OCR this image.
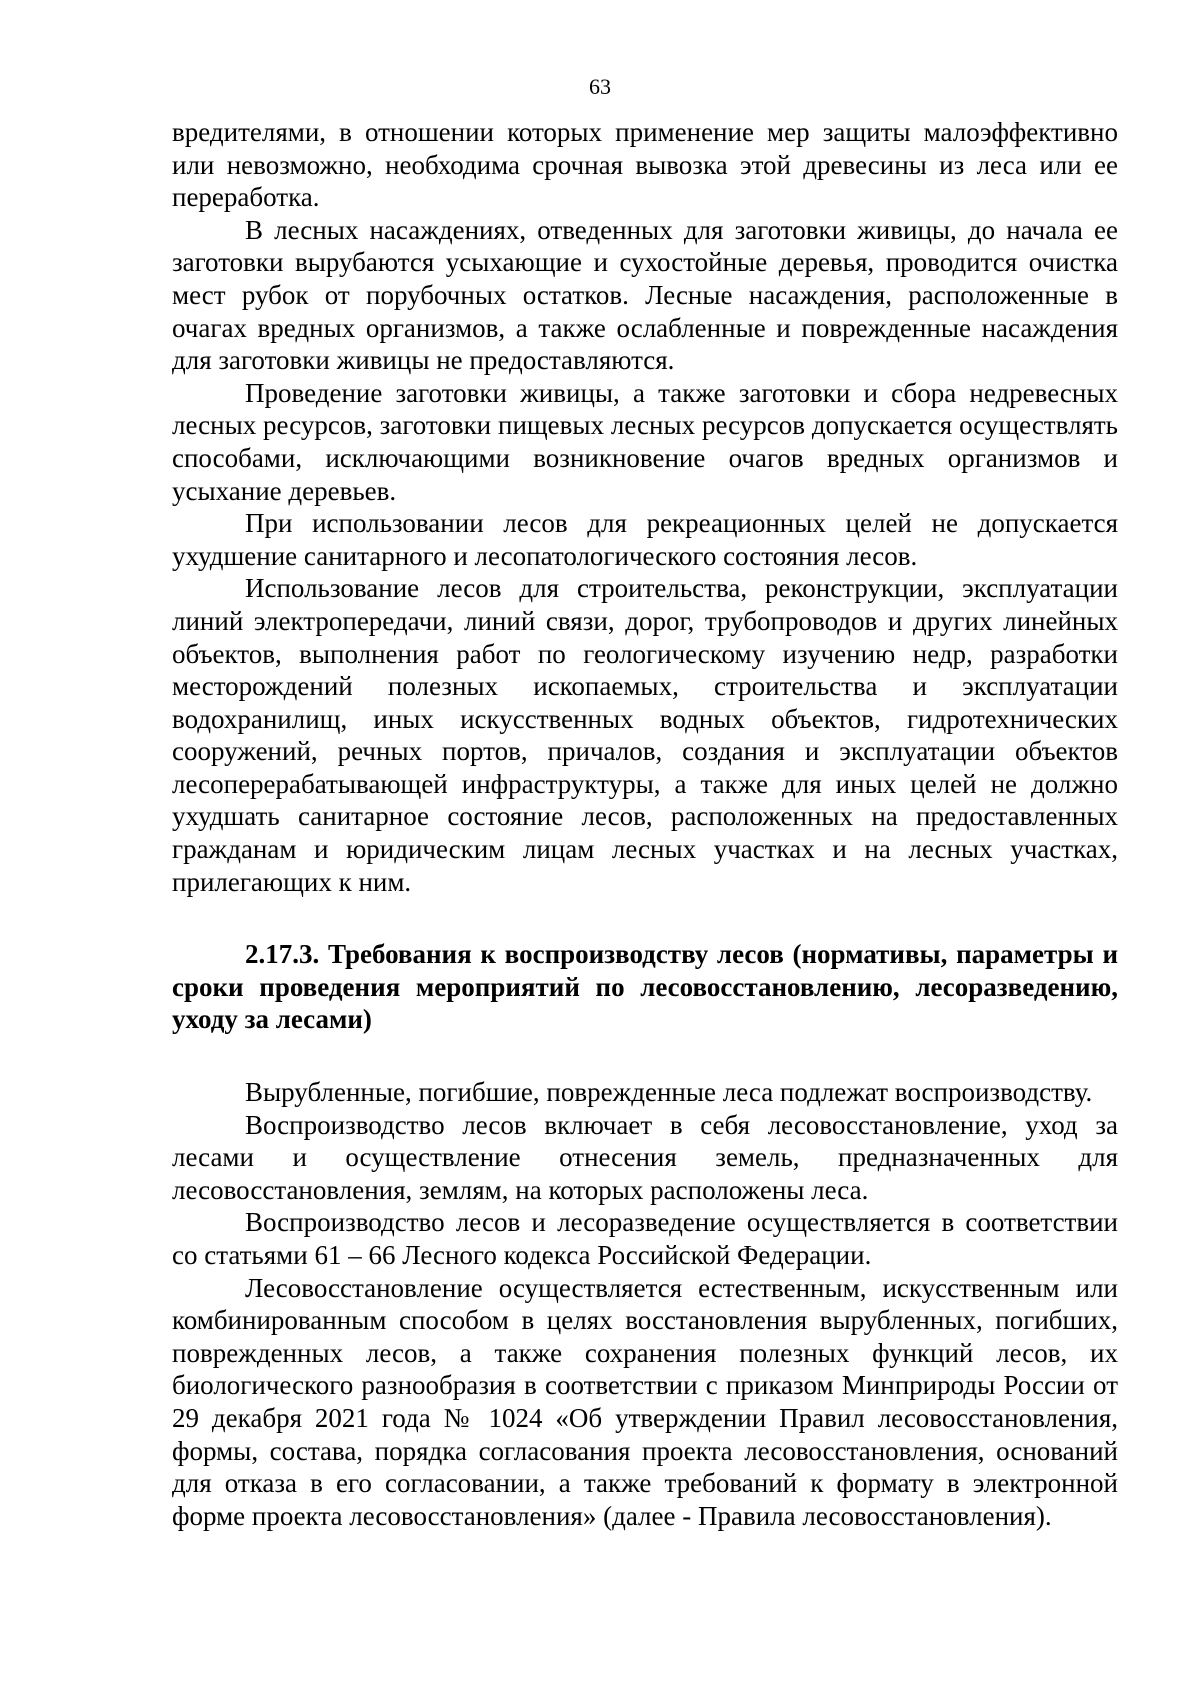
63

вредителями, в отношении которых применение мер защиты малоэффективно или невозможно, необходима срочная вывозка этой древесины из леса или ее переработка.

В лесных насаждениях, отведенных для заготовки живицы, до начала ее заготовки вырубаются усыхающие и сухостойные деревья, проводится очистка мест рубок от порубочных остатков. Лесные насаждения, расположенные в очагах вредных организмов, а также ослабленные и поврежденные насаждения для заготовки живицы не предоставляются.

Проведение заготовки живицы, а также заготовки и сбора недревесных лесных ресурсов, заготовки пищевых лесных ресурсов допускается осуществлять способами, исключающими возникновение очагов вредных организмов и усыхание деревьев.

При использовании лесов для рекреационных целей не допускается ухудшение санитарного и лесопатологического состояния лесов.

Использование лесов для строительства, реконструкции, эксплуатации линий электропередачи, линий связи, дорог, трубопроводов и других линейных объектов, выполнения работ по геологическому изучению недр, разработки месторождений полезных ископаемых, строительства и эксплуатации водохранилищ, иных искусственных водных объектов, гидротехнических сооружений, речных портов, причалов, создания и эксплуатации объектов лесоперерабатывающей инфраструктуры, а также для иных целей не должно ухудшать санитарное состояние лесов, расположенных на предоставленных гражданам и юридическим лицам лесных участках и на лесных участках, прилегающих к ним.

2.17.3. Требования к воспроизводству лесов (нормативы, параметры и сроки проведения мероприятий по лесовосстановлению, лесоразведению, уходу за лесами)

Вырубленные, погибшие, поврежденные леса подлежат воспроизводству.

Воспроизводство лесов включает в себя лесовосстановление, уход за лесами и осуществление отнесения земель, предназначенных для лесовосстановления, землям, на которых расположены леса.

Воспроизводство лесов и лесоразведение осуществляется в соответствии со статьями 61 – 66 Лесного кодекса Российской Федерации.

Лесовосстановление осуществляется естественным, искусственным или комбинированным способом в целях восстановления вырубленных, погибших, поврежденных лесов, а также сохранения полезных функций лесов, их биологического разнообразия в соответствии с приказом Минприроды России от 29 декабря 2021 года № 1024 «Об утверждении Правил лесовосстановления, формы, состава, порядка согласования проекта лесовосстановления, оснований для отказа в его согласовании, а также требований к формату в электронной форме проекта лесовосстановления» (далее - Правила лесовосстановления).
